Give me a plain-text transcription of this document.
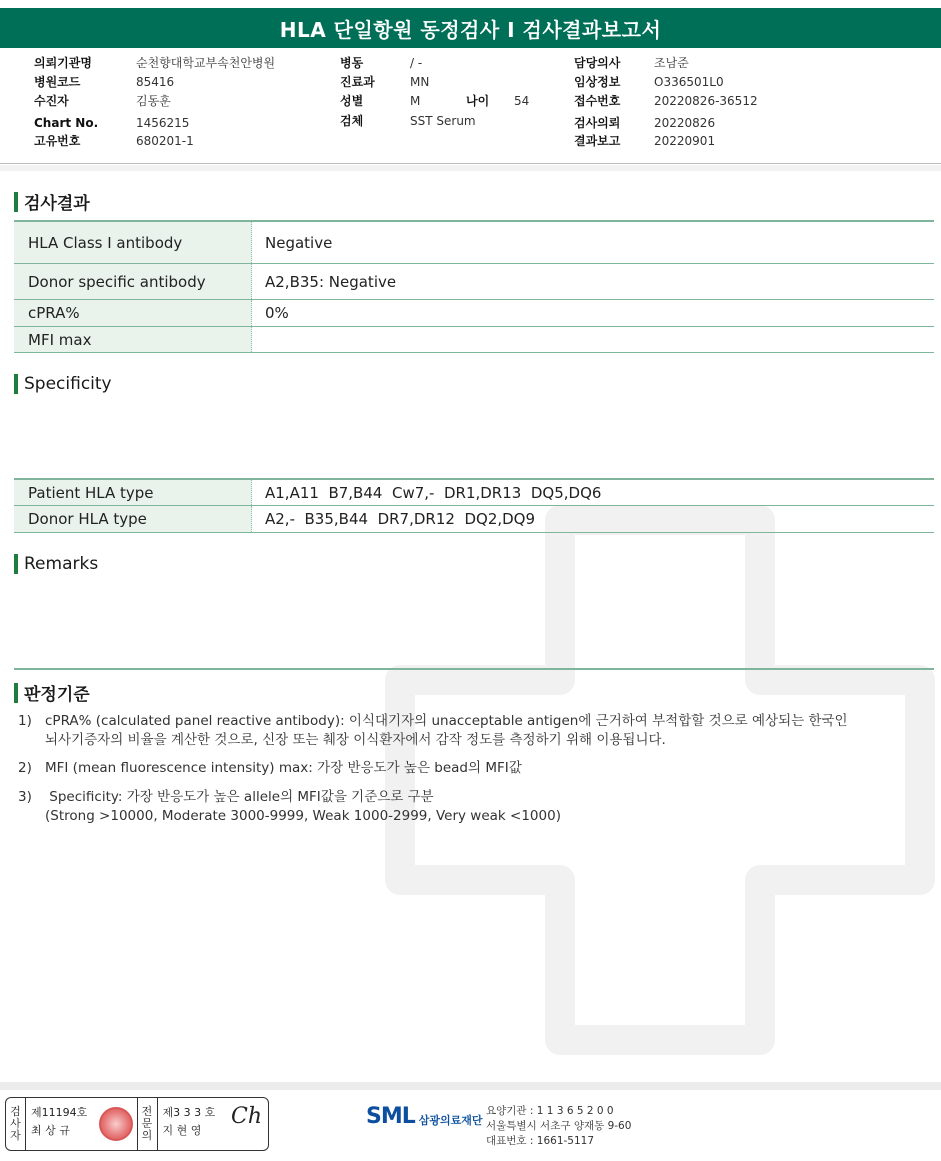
HLA 단일항원 동정검사 I 검사결과보고서
의뢰기관명	순천향대학교부속천안병원
병원코드	85416
수진자	김동훈
Chart No.	1456215
고유번호	680201-1
병동	/ -
진료과	MN
성별	M	나이 54
검체	SST Serum
담당의사	조남준
임상정보	O336501L0
접수번호	20220826-36512
검사의뢰	20220826
결과보고	20220901
검사결과
HLA Class I antibody	Negative
Donor specific antibody	A2,B35: Negative
cPRA%	0%
MFI max
Specificity
Patient HLA type	A1,A11  B7,B44  Cw7,-  DR1,DR13  DQ5,DQ6
Donor HLA type	A2,-  B35,B44  DR7,DR12  DQ2,DQ9
Remarks
판정기준
1) cPRA% (calculated panel reactive antibody): 이식대기자의 unacceptable antigen에 근거하여 부적합할 것으로 예상되는 한국인
뇌사기증자의 비율을 계산한 것으로, 신장 또는 췌장 이식환자에서 감작 정도를 측정하기 위해 이용됩니다.
2) MFI (mean fluorescence intensity) max: 가장 반응도가 높은 bead의 MFI값
3) Specificity: 가장 반응도가 높은 allele의 MFI값을 기준으로 구분
(Strong >10000, Moderate 3000-9999, Weak 1000-2999, Very weak <1000)
검
사
자
제11194호
최 상 규
전
문
의
제3 3 3 호
지 현 영
Ch	SML 삼광의료재단
요양기관 : 1 1 3 6 5 2 0 0
서울특별시 서초구 양재동 9-60
대표번호 : 1661-5117
